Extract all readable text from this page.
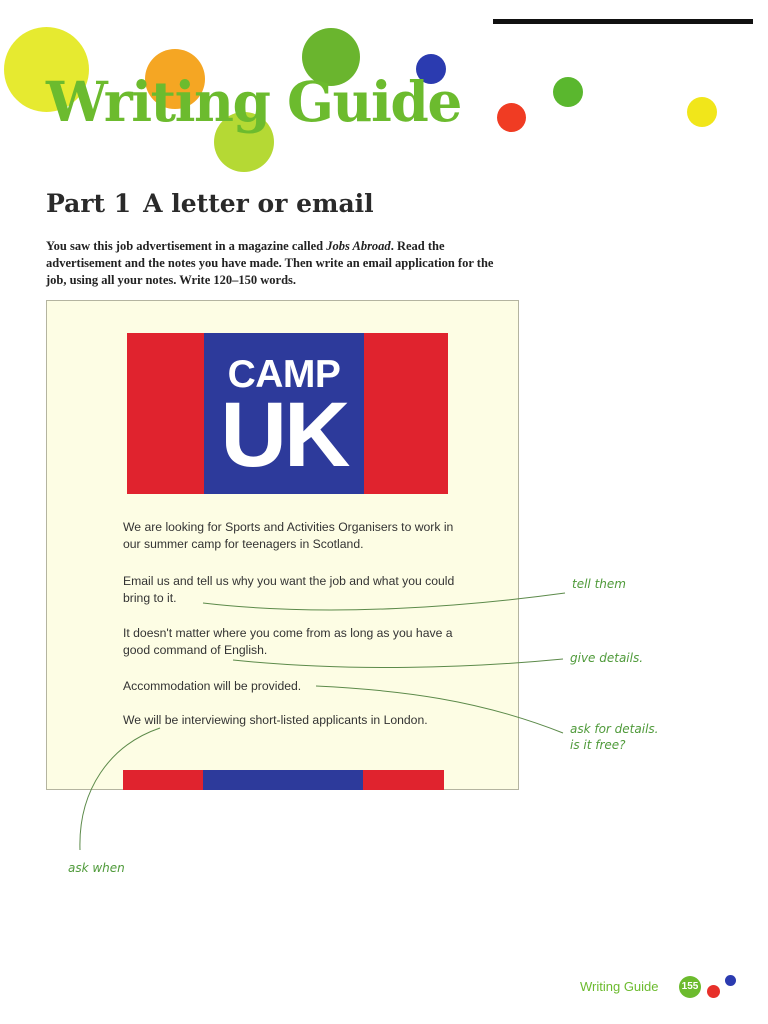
Writing Guide
Part 1 A letter or email

You saw this job advertisement in a magazine called Jobs Abroad. Read the advertisement and the notes you have made. Then write an email application for the job, using all your notes. Write 120–150 words.

CAMP
UK

We are looking for Sports and Activities Organisers to work in our summer camp for teenagers in Scotland.

Email us and tell us why you want the job and what you could bring to it.

It doesn't matter where you come from as long as you have a good command of English.

Accommodation will be provided.

We will be interviewing short-listed applicants in London.

tell them

give details.

ask for details.

is it free?

ask when

Writing Guide 155
